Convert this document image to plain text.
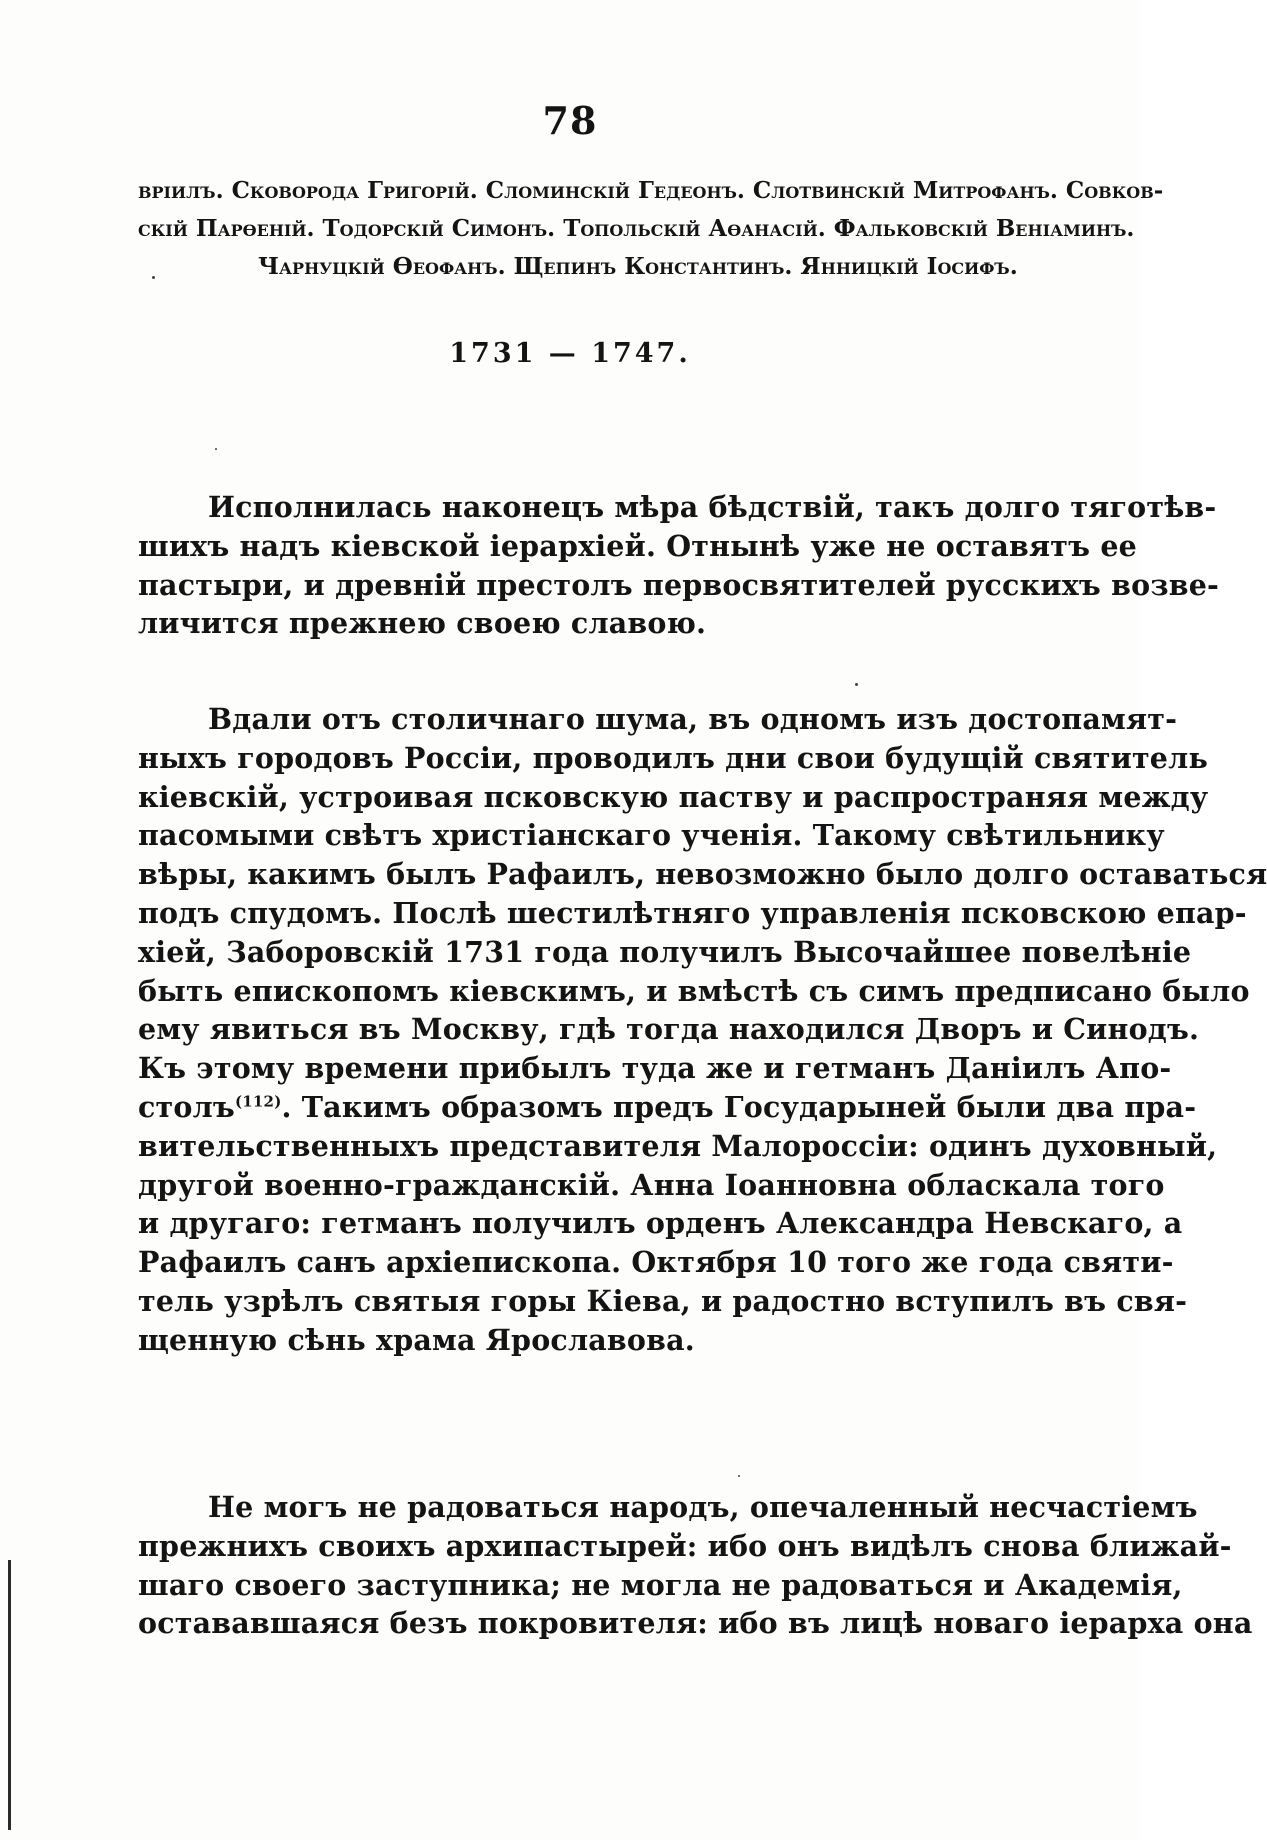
78
вріилъ. Сковорода Григорій. Сломинскій Гедеонъ. Слотвинскій Митрофанъ. Совков-
скій Парѳеній. Тодорскій Симонъ. Топольскій Аѳанасій. Фальковскій Веніаминъ.
Чарнуцкій Ѳеофанъ. Щепинъ Константинъ. Янницкій Іосифъ.
1731 — 1747.
Исполнилась наконецъ мѣра бѣдствій, такъ долго тяготѣв-
шихъ надъ кіевской іерархіей. Отнынѣ уже не оставятъ ее
пастыри, и древній престолъ первосвятителей русскихъ возве-
личится прежнею своею славою.
Вдали отъ столичнаго шума, въ одномъ изъ достопамят-
ныхъ городовъ Россіи, проводилъ дни свои будущій святитель
кіевскій, устроивая псковскую паству и распространяя между
пасомыми свѣтъ христіанскаго ученія. Такому свѣтильнику
вѣры, какимъ былъ Рафаилъ, невозможно было долго оставаться
подъ спудомъ. Послѣ шестилѣтняго управленія псковскою епар-
хіей, Заборовскій 1731 года получилъ Высочайшее повелѣніе
быть епископомъ кіевскимъ, и вмѣстѣ съ симъ предписано было
ему явиться въ Москву, гдѣ тогда находился Дворъ и Синодъ.
Къ этому времени прибылъ туда же и гетманъ Даніилъ Апо-
столъ$^{(112)}$. Такимъ образомъ предъ Государыней были два пра-
вительственныхъ представителя Малороссіи: одинъ духовный,
другой военно-гражданскій. Анна Іоанновна обласкала того
и другаго: гетманъ получилъ орденъ Александра Невскаго, а
Рафаилъ санъ архіепископа. Октября 10 того же года святи-
тель узрѣлъ святыя горы Кіева, и радостно вступилъ въ свя-
щенную сѣнь храма Ярославова.
Не могъ не радоваться народъ, опечаленный несчастіемъ
прежнихъ своихъ архипастырей: ибо онъ видѣлъ снова ближай-
шаго своего заступника; не могла не радоваться и Академія,
остававшаяся безъ покровителя: ибо въ лицѣ новаго іерарха она
